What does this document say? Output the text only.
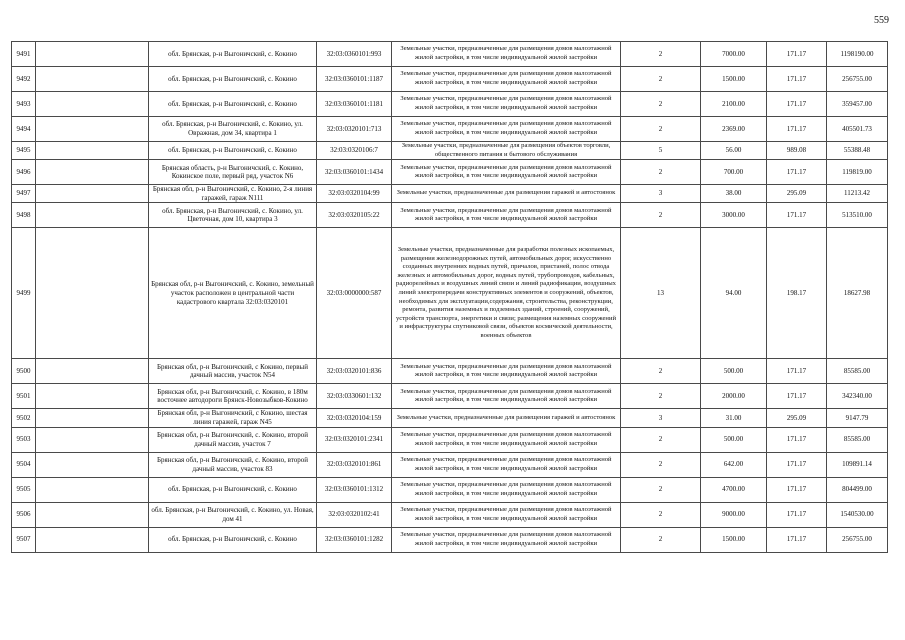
559
9491		обл. Брянская, р-н Выгоничский, с. Кокино	32:03:0360101:993	Земельные участки, предназначенные для размещения домов малоэтажной жилой застройки, в том числе индивидуальной жилой застройки	2	7000.00	171.17	1198190.00
9492		обл. Брянская, р-н Выгоничский, с. Кокино	32:03:0360101:1187	Земельные участки, предназначенные для размещения домов малоэтажной жилой застройки, в том числе индивидуальной жилой застройки	2	1500.00	171.17	256755.00
9493		обл. Брянская, р-н Выгоничский, с. Кокино	32:03:0360101:1181	Земельные участки, предназначенные для размещения домов малоэтажной жилой застройки, в том числе индивидуальной жилой застройки	2	2100.00	171.17	359457.00
9494		обл. Брянская, р-н Выгоничский, с. Кокино, ул. Овражная, дом 34, квартира 1	32:03:0320101:713	Земельные участки, предназначенные для размещения домов малоэтажной жилой застройки, в том числе индивидуальной жилой застройки	2	2369.00	171.17	405501.73
9495		обл. Брянская, р-н Выгоничский, с. Кокино	32:03:0320106:7	Земельные участки, предназначенные для размещения объектов торговли, общественного питания и бытового обслуживания	5	56.00	989.08	55388.48
9496		Брянская область, р-н Выгоничский, с. Кокино, Кокинское поле, первый ряд, участок N6	32:03:0360101:1434	Земельные участки, предназначенные для размещения домов малоэтажной жилой застройки, в том числе индивидуальной жилой застройки	2	700.00	171.17	119819.00
9497		Брянская обл, р-н Выгоничский, с. Кокино, 2-я линия гаражей, гараж N111	32:03:0320104:99	Земельные участки, предназначенные для размещения гаражей и автостоянок	3	38.00	295.09	11213.42
9498		обл. Брянская, р-н Выгоничский, с. Кокино, ул. Цветочная, дом 10, квартира 3	32:03:0320105:22	Земельные участки, предназначенные для размещения домов малоэтажной жилой застройки, в том числе индивидуальной жилой застройки	2	3000.00	171.17	513510.00
9499		Брянская обл, р-н Выгоничский, с. Кокино, земельный участок расположен в центральной части кадастрового квартала 32:03:0320101	32:03:0000000:587	Земельные участки, предназначенные для разработки полезных ископаемых, размещения железнодорожных путей, автомобильных дорог, искусственно созданных внутренних водных путей, причалов, пристаней, полос отвода железных и автомобильных дорог, водных путей, трубопроводов, кабельных, радиорелейных и воздушных линий связи и линий радиофикации, воздушных линий электропередачи конструктивных элементов и сооружений, объектов, необходимых для эксплуатации,содержания, строительства, реконструкции, ремонта, развития наземных и подземных зданий, строений, сооружений, устройств транспорта, энергетики и связи; размещения наземных сооружений и инфраструктуры спутниковой связи, объектов космической деятельности, военных объектов	13	94.00	198.17	18627.98
9500		Брянская обл, р-н Выгоничский, с Кокино, первый дачный массив, участок N54	32:03:0320101:836	Земельные участки, предназначенные для размещения домов малоэтажной жилой застройки, в том числе индивидуальной жилой застройки	2	500.00	171.17	85585.00
9501		Брянская обл, р-н Выгоничский, с. Кокино, в 180м восточнее автодороги Брянск-Новозыбков-Кокино	32:03:0330601:132	Земельные участки, предназначенные для размещения домов малоэтажной жилой застройки, в том числе индивидуальной жилой застройки	2	2000.00	171.17	342340.00
9502		Брянская обл, р-н Выгоничский, с Кокино, шестая линия гаражей, гараж N45	32:03:0320104:159	Земельные участки, предназначенные для размещения гаражей и автостоянок	3	31.00	295.09	9147.79
9503		Брянская обл, р-н Выгоничский, с. Кокино, второй дачный массив, участок 7	32:03:0320101:2341	Земельные участки, предназначенные для размещения домов малоэтажной жилой застройки, в том числе индивидуальной жилой застройки	2	500.00	171.17	85585.00
9504		Брянская обл, р-н Выгоничский, с. Кокино, второй дачный массив, участок 83	32:03:0320101:861	Земельные участки, предназначенные для размещения домов малоэтажной жилой застройки, в том числе индивидуальной жилой застройки	2	642.00	171.17	109891.14
9505		обл. Брянская, р-н Выгоничский, с. Кокино	32:03:0360101:1312	Земельные участки, предназначенные для размещения домов малоэтажной жилой застройки, в том числе индивидуальной жилой застройки	2	4700.00	171.17	804499.00
9506		обл. Брянская, р-н Выгоничский, с. Кокино, ул. Новая, дом 41	32:03:0320102:41	Земельные участки, предназначенные для размещения домов малоэтажной жилой застройки, в том числе индивидуальной жилой застройки	2	9000.00	171.17	1540530.00
9507		обл. Брянская, р-н Выгоничский, с. Кокино	32:03:0360101:1282	Земельные участки, предназначенные для размещения домов малоэтажной жилой застройки, в том числе индивидуальной жилой застройки	2	1500.00	171.17	256755.00
